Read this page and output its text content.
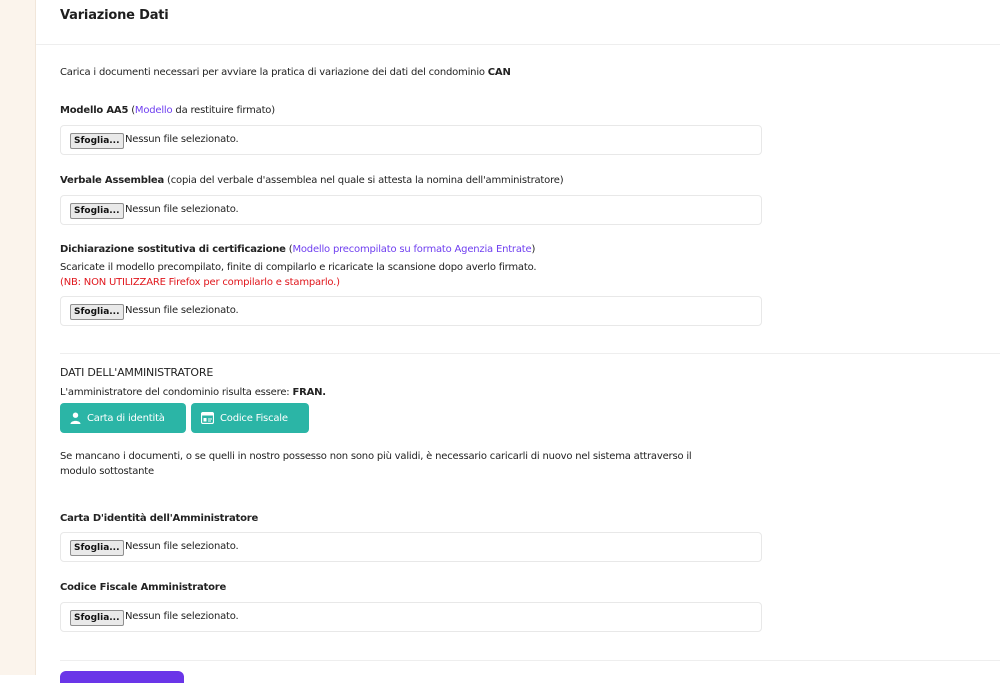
Variazione Dati
Carica i documenti necessari per avviare la pratica di variazione dei dati del condominio CAN
Modello AA5 (Modello da restituire firmato)
Sfoglia... Nessun file selezionato.
Verbale Assemblea (copia del verbale d'assemblea nel quale si attesta la nomina dell'amministratore)
Sfoglia... Nessun file selezionato.
Dichiarazione sostitutiva di certificazione (Modello precompilato su formato Agenzia Entrate)
Scaricate il modello precompilato, finite di compilarlo e ricaricate la scansione dopo averlo firmato.
(NB: NON UTILIZZARE Firefox per compilarlo e stamparlo.)
Sfoglia... Nessun file selezionato.
DATI DELL'AMMINISTRATORE
L'amministratore del condominio risulta essere: FRAN.
Carta di identità	Codice Fiscale
Se mancano i documenti, o se quelli in nostro possesso non sono più validi, è necessario caricarli di nuovo nel sistema attraverso il
modulo sottostante
Carta D'identità dell'Amministratore
Sfoglia... Nessun file selezionato.
Codice Fiscale Amministratore
Sfoglia... Nessun file selezionato.
